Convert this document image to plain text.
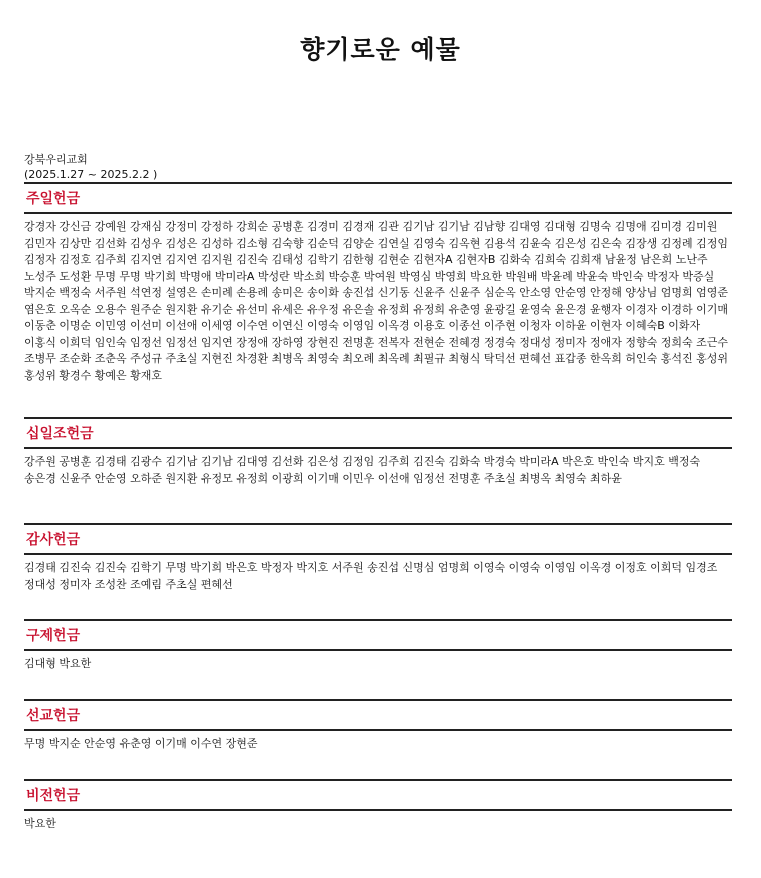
향기로운 예물
강북우리교회
(2025.1.27 ~ 2025.2.2 )
주일헌금
강경자 강신금 강예원 강재심 강정미 강정하 강희순 공병훈 김경미 김경재 김관 김기남 김기남 김남향 김대영 김대형 김명숙 김명애 김미경 김미원 김민자 김상만 김선화 김성우 김성은 김성하 김소형 김숙향 김순덕 김양순 김연실 김영숙 김옥현 김용석 김윤숙 김은성 김은숙 김장생 김정례 김정임 김정자 김정호 김주희 김지연 김지연 김지원 김진숙 김태성 김학기 김한형 김현순 김현자A 김현자B 김화숙 김희숙 김희재 남윤정 남은희 노난주 노성주 도성환 무명 무명 박기희 박명애 박미라A 박성란 박소희 박승훈 박여원 박영심 박영희 박요한 박원배 박윤례 박윤숙 박인숙 박정자 박증실 박지순 백정숙 서주원 석연정 설영은 손미례 손용례 송미은 송이화 송진섭 신기동 신윤주 신윤주 심순옥 안소영 안순영 안정해 양상님 엄명희 엄영준 염은호 오옥순 오용수 원주순 원지환 유기순 유선미 유세은 유우정 유은솔 유정희 유정희 유춘영 윤광길 윤영숙 윤은경 윤행자 이경자 이경하 이기매 이동춘 이명순 이민영 이선미 이선애 이세영 이수연 이연신 이영숙 이영임 이옥경 이용호 이종선 이주현 이청자 이하윤 이현자 이혜숙B 이화자 이홍식 이희덕 임인숙 임정선 임정선 임지연 장정애 장하영 장현진 전명훈 전복자 전현순 전혜경 정경숙 정대성 정미자 정애자 정향숙 정희숙 조근수 조병무 조순화 조춘옥 주성규 주초실 지현진 차경환 최병옥 최영숙 최오례 최옥례 최필규 최형식 탁덕선 편혜선 표갑종 한옥희 허인숙 홍석진 홍성위 홍성위 황경수 황예은 황재호
십일조헌금
강주원 공병훈 김경태 김광수 김기남 김기남 김대영 김선화 김은성 김정임 김주희 김진숙 김화숙 박경숙 박미라A 박은호 박인숙 박지호 백정숙 송은경 신윤주 안순영 오하준 원지환 유정모 유정희 이광희 이기매 이민우 이선애 임정선 전명훈 주초실 최병옥 최영숙 최하윤
감사헌금
김경태 김진숙 김진숙 김학기 무명 박기희 박은호 박정자 박지호 서주원 송진섭 신명심 엄명희 이영숙 이영숙 이영임 이옥경 이정호 이희덕 임경조 정대성 정미자 조성찬 조예림 주초실 편혜선
구제헌금
김대형 박요한
선교헌금
무명 박지순 안순영 유춘영 이기매 이수연 장현준
비전헌금
박요한
